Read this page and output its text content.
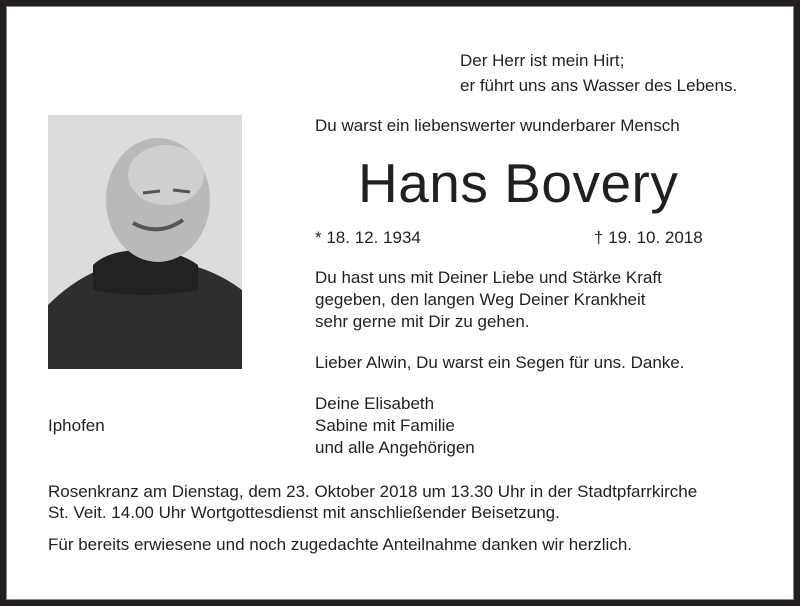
Der Herr ist mein Hirt;
er führt uns ans Wasser des Lebens.
Du warst ein liebenswerter wunderbarer Mensch
Hans Bovery
* 18. 12. 1934	† 19. 10. 2018
Du hast uns mit Deiner Liebe und Stärke Kraft
gegeben, den langen Weg Deiner Krankheit
sehr gerne mit Dir zu gehen.
Lieber Alwin, Du warst ein Segen für uns. Danke.
Iphofen
Deine Elisabeth
Sabine mit Familie
und alle Angehörigen
Rosenkranz am Dienstag, dem 23. Oktober 2018 um 13.30 Uhr in der Stadtpfarrkirche
St. Veit. 14.00 Uhr Wortgottesdienst mit anschließender Beisetzung.
Für bereits erwiesene und noch zugedachte Anteilnahme danken wir herzlich.
